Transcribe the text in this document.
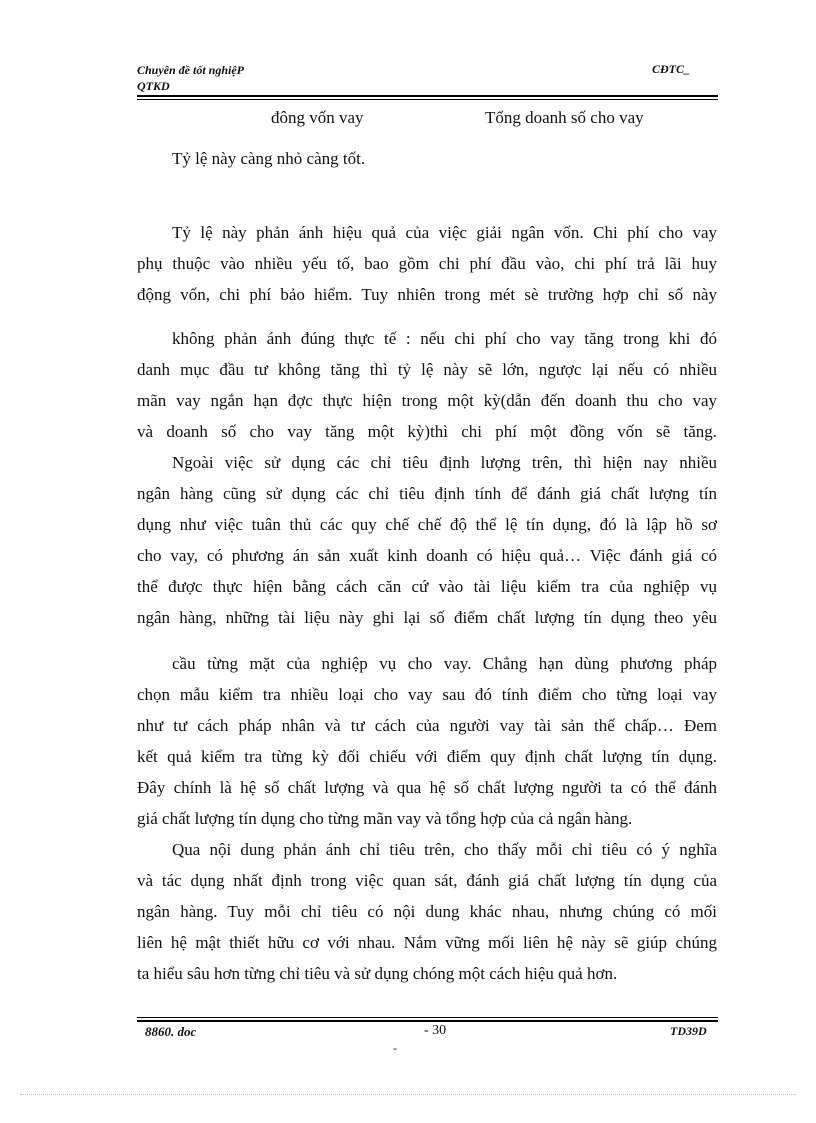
Chuyên đề tốt nghiệP
QTKD
CĐTC_
đông vốn vay	Tổng doanh số cho vay
Tỷ lệ này càng nhỏ càng tốt.
Tỷ lệ này phản ánh hiệu quả của việc giải ngân vốn. Chi phí cho vay
phụ thuộc vào nhiều yếu tố, bao gồm chi phí đầu vào, chi phí trả lãi huy
động vốn, chi phí bảo hiểm. Tuy nhiên trong mét sè trường hợp chỉ số này
không phản ánh đúng thực tế : nếu chi phí cho vay tăng trong khi đó
danh mục đầu tư không tăng thì tỷ lệ này sẽ lớn, ngược lại nếu có nhiều
mãn vay ngắn hạn đợc thực hiện trong một kỳ(dẫn đến doanh thu cho vay
và doanh số cho vay tăng một kỳ)thì chi phí một đồng vốn sẽ tăng.
Ngoài việc sử dụng các chỉ tiêu định lượng trên, thì hiện nay nhiều
ngân hàng cũng sử dụng các chỉ tiêu định tính để đánh giá chất lượng tín
dụng như việc tuân thủ các quy chế chế độ thể lệ tín dụng, đó là lập hồ sơ
cho vay, có phương án sản xuất kinh doanh có hiệu quả… Việc đánh giá có
thể được thực hiện bằng cách căn cứ vào tài liệu kiểm tra của nghiệp vụ
ngân hàng, những tài liệu này ghi lại số điểm chất lượng tín dụng theo yêu
cầu từng mặt của nghiệp vụ cho vay. Chẳng hạn dùng phương pháp
chọn mẫu kiểm tra nhiều loại cho vay sau đó tính điểm cho từng loại vay
như tư cách pháp nhân và tư cách của người vay tài sản thế chấp… Đem
kết quả kiểm tra từng kỳ đối chiếu với điểm quy định chất lượng tín dụng.
Đây chính là hệ số chất lượng và qua hệ số chất lượng người ta có thể đánh
giá chất lượng tín dụng cho từng mãn vay và tổng hợp của cả ngân hàng.
Qua nội dung phản ánh chỉ tiêu trên, cho thấy mỗi chỉ tiêu có ý nghĩa
và tác dụng nhất định trong việc quan sát, đánh giá chất lượng tín dụng của
ngân hàng. Tuy mỗi chỉ tiêu có nội dung khác nhau, nhưng chúng có mối
liên hệ mật thiết hữu cơ với nhau. Nắm vững mối liên hệ này sẽ giúp chúng
ta hiểu sâu hơn từng chỉ tiêu và sử dụng chóng một cách hiệu quả hơn.
8860. doc	- 30
-
TD39D
